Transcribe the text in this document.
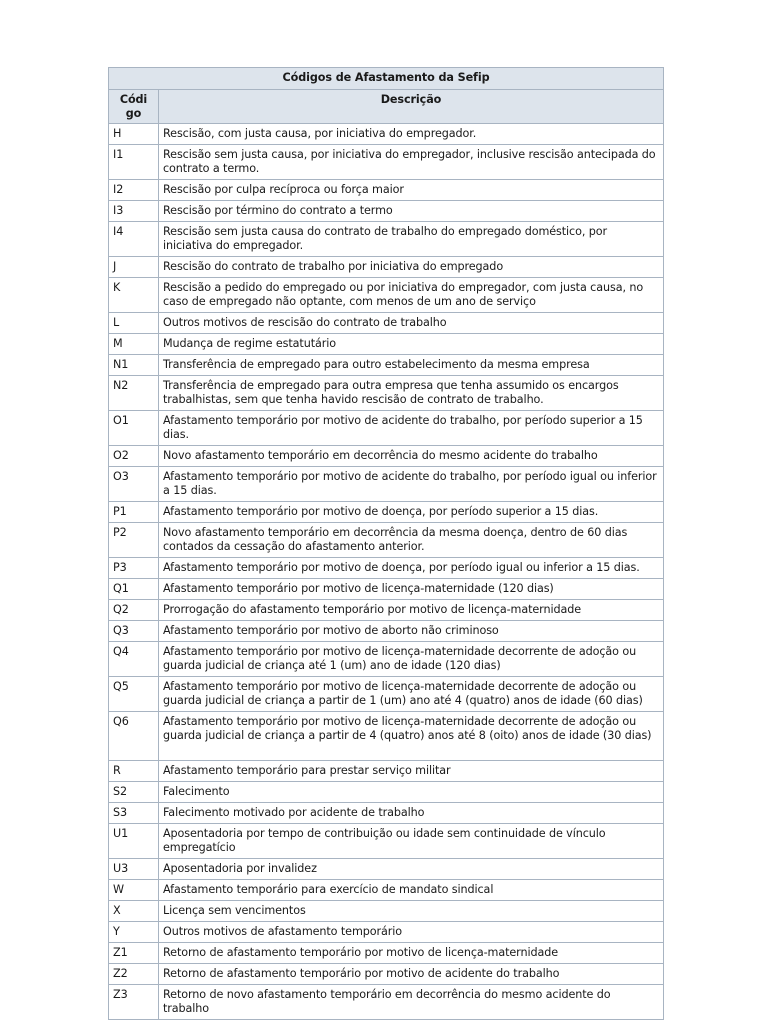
Códigos de Afastamento da Sefip	
Código	Descrição
H	Rescisão, com justa causa, por iniciativa do empregador.
I1	Rescisão sem justa causa, por iniciativa do empregador, inclusive rescisão antecipada do contrato a termo.
I2	Rescisão por culpa recíproca ou força maior
I3	Rescisão por término do contrato a termo
I4	Rescisão sem justa causa do contrato de trabalho do empregado doméstico, por iniciativa do empregador.
J	Rescisão do contrato de trabalho por iniciativa do empregado
K	Rescisão a pedido do empregado ou por iniciativa do empregador, com justa causa, no caso de empregado não optante, com menos de um ano de serviço
L	Outros motivos de rescisão do contrato de trabalho
M	Mudança de regime estatutário
N1	Transferência de empregado para outro estabelecimento da mesma empresa
N2	Transferência de empregado para outra empresa que tenha assumido os encargos trabalhistas, sem que tenha havido rescisão de contrato de trabalho.
O1	Afastamento temporário por motivo de acidente do trabalho, por período superior a 15 dias.
O2	Novo afastamento temporário em decorrência do mesmo acidente do trabalho
O3	Afastamento temporário por motivo de acidente do trabalho, por período igual ou inferior a 15 dias.
P1	Afastamento temporário por motivo de doença, por período superior a 15 dias.
P2	Novo afastamento temporário em decorrência da mesma doença, dentro de 60 dias contados da cessação do afastamento anterior.
P3	Afastamento temporário por motivo de doença, por período igual ou inferior a 15 dias.
Q1	Afastamento temporário por motivo de licença-maternidade (120 dias)
Q2	Prorrogação do afastamento temporário por motivo de licença-maternidade
Q3	Afastamento temporário por motivo de aborto não criminoso
Q4	Afastamento temporário por motivo de licença-maternidade decorrente de adoção ou guarda judicial de criança até 1 (um) ano de idade (120 dias)
Q5	Afastamento temporário por motivo de licença-maternidade decorrente de adoção ou guarda judicial de criança a partir de 1 (um) ano até 4 (quatro) anos de idade (60 dias)
Q6	Afastamento temporário por motivo de licença-maternidade decorrente de adoção ou guarda judicial de criança a partir de 4 (quatro) anos até 8 (oito) anos de idade (30 dias)
R	Afastamento temporário para prestar serviço militar
S2	Falecimento
S3	Falecimento motivado por acidente de trabalho
U1	Aposentadoria por tempo de contribuição ou idade sem continuidade de vínculo empregatício
U3	Aposentadoria por invalidez
W	Afastamento temporário para exercício de mandato sindical
X	Licença sem vencimentos
Y	Outros motivos de afastamento temporário
Z1	Retorno de afastamento temporário por motivo de licença-maternidade
Z2	Retorno de afastamento temporário por motivo de acidente do trabalho
Z3	Retorno de novo afastamento temporário em decorrência do mesmo acidente do trabalho
